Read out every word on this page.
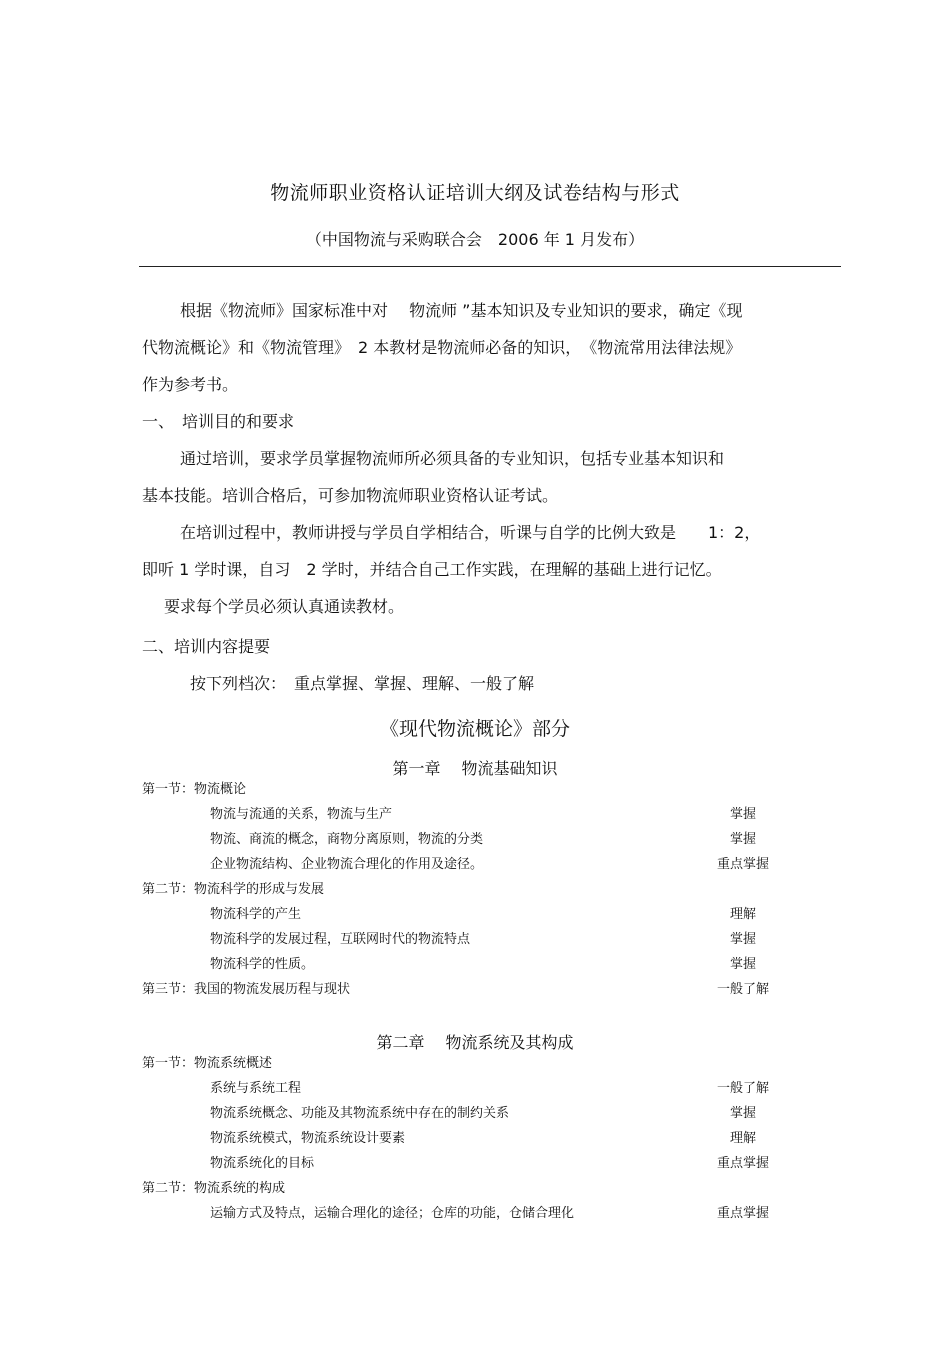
物流师职业资格认证培训大纲及试卷结构与形式
（中国物流与采购联合会　2006 年 1 月发布）
根据《物流师》国家标准中对　 物流师 ”基本知识及专业知识的要求，确定《现
代物流概论》和《物流管理》　2 本教材是物流师必备的知识，　《物流常用法律法规》
作为参考书。
一、　培训目的和要求
通过培训，要求学员掌握物流师所必须具备的专业知识，包括专业基本知识和
基本技能。培训合格后，可参加物流师职业资格认证考试。
在培训过程中，教师讲授与学员自学相结合，听课与自学的比例大致是　　1：2，
即听 1 学时课，自习　2 学时，并结合自己工作实践，在理解的基础上进行记忆。
要求每个学员必须认真通读教材。
二、培训内容提要
按下列档次：　重点掌握、掌握、理解、一般了解
《现代物流概论》部分
第一章　 物流基础知识
第一节：物流概论
物流与流通的关系，物流与生产	掌握
物流、商流的概念，商物分离原则，物流的分类	掌握
企业物流结构、企业物流合理化的作用及途径。	重点掌握
第二节：物流科学的形成与发展
物流科学的产生	理解
物流科学的发展过程，互联网时代的物流特点	掌握
物流科学的性质。	掌握
第三节：我国的物流发展历程与现状	一般了解
第二章　 物流系统及其构成
第一节：物流系统概述
系统与系统工程	一般了解
物流系统概念、功能及其物流系统中存在的制约关系	掌握
物流系统模式，物流系统设计要素	理解
物流系统化的目标	重点掌握
第二节：物流系统的构成
运输方式及特点，运输合理化的途径；仓库的功能，仓储合理化	重点掌握
